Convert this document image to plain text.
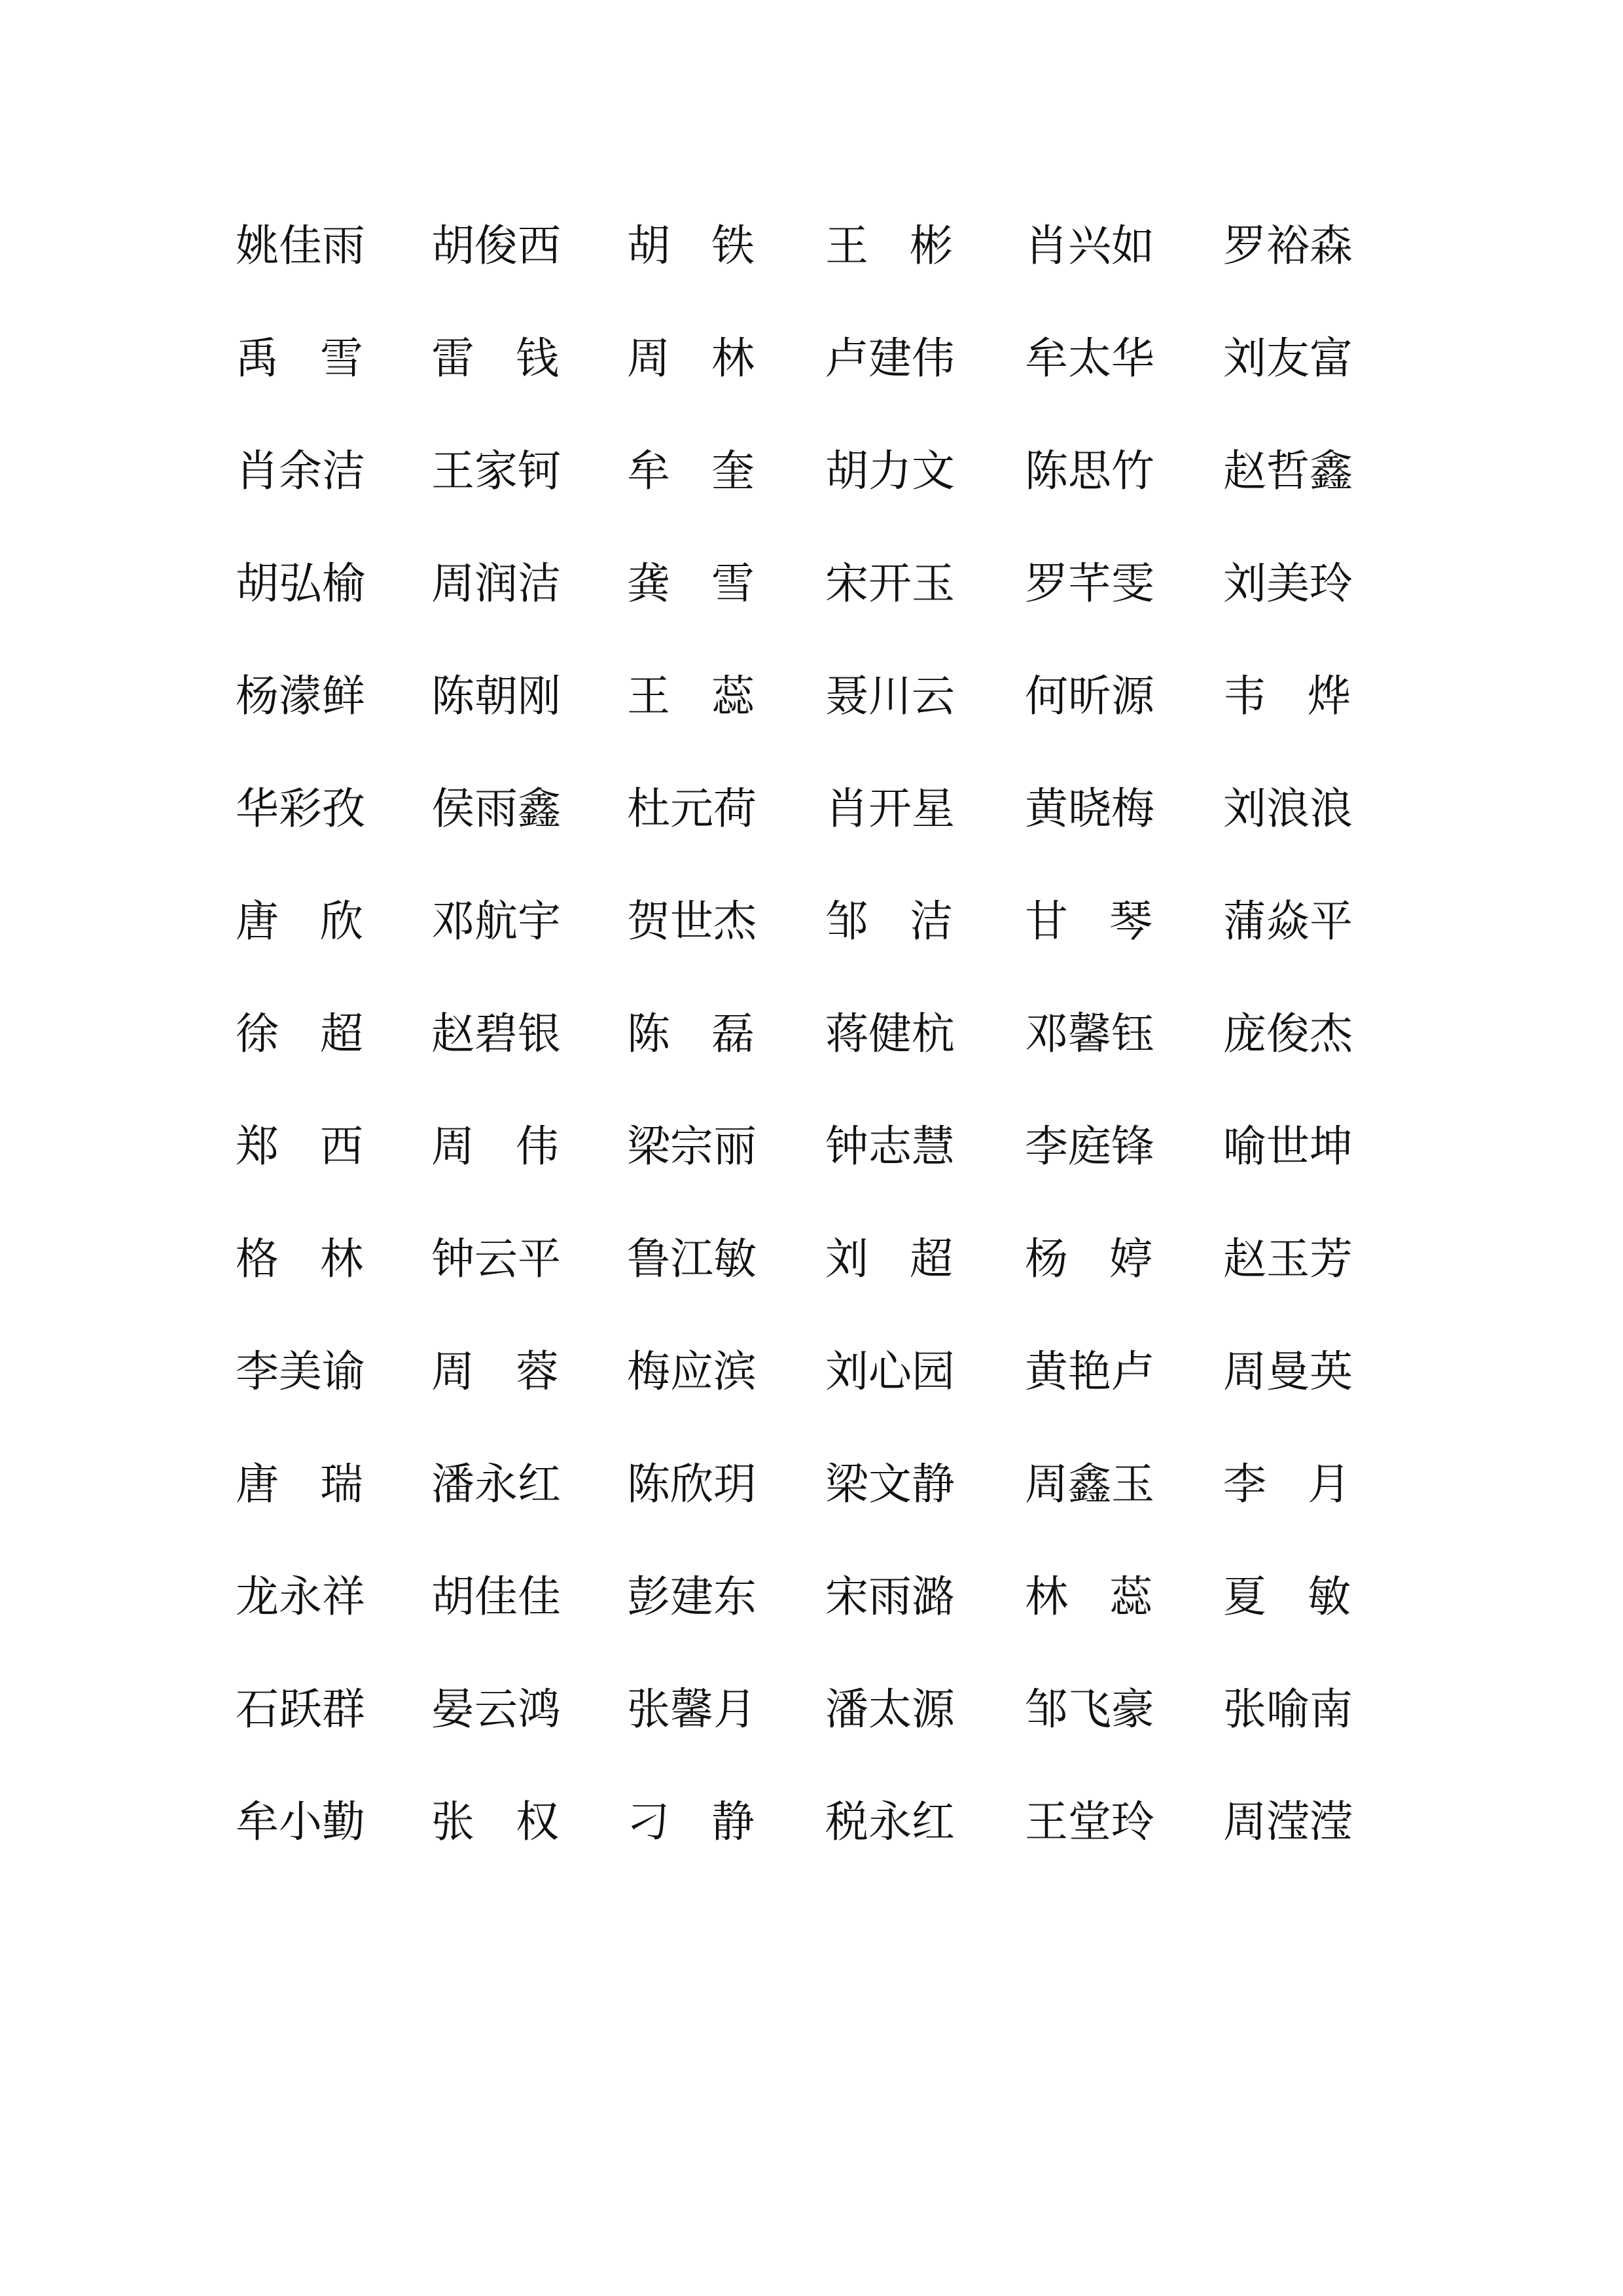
姚 佳 雨 胡 俊 西 胡 铁 王 彬 肖 兴 如 罗 裕 森
禹 雪 雷 钱 周 林 卢 建 伟 牟 太 华 刘 友 富
肖 余 洁 王 家 钶 牟 奎 胡 力 文 陈 思 竹 赵 哲 鑫
胡 弘 榆 周 润 洁 龚 雪 宋 开 玉 罗 芊 雯 刘 美 玲
杨 濛 鲜 陈 朝 刚 王 蕊 聂 川 云 何 昕 源 韦 烨
华 彩 孜 侯 雨 鑫 杜 元 荷 肖 开 星 黄 晓 梅 刘 浪 浪
唐 欣 邓 航 宇 贺 世 杰 邹 洁 甘 琴 蒲 焱 平
徐 超 赵 碧 银 陈 磊 蒋 健 杭 邓 馨 钰 庞 俊 杰
郑 西 周 伟 梁 宗 丽 钟 志 慧 李 庭 锋 喻 世 坤
格 林 钟 云 平 鲁 江 敏 刘 超 杨 婷 赵 玉 芳
李 美 谕 周 蓉 梅 应 滨 刘 心 园 黄 艳 卢 周 曼 英
唐 瑞 潘 永 红 陈 欣 玥 梁 文 静 周 鑫 玉 李 月
龙 永 祥 胡 佳 佳 彭 建 东 宋 雨 潞 林 蕊 夏 敏
石 跃 群 晏 云 鸿 张 馨 月 潘 太 源 邹 飞 豪 张 喻 南
牟 小 勤 张 权 刁 静 税 永 红 王 堂 玲 周 滢 滢
